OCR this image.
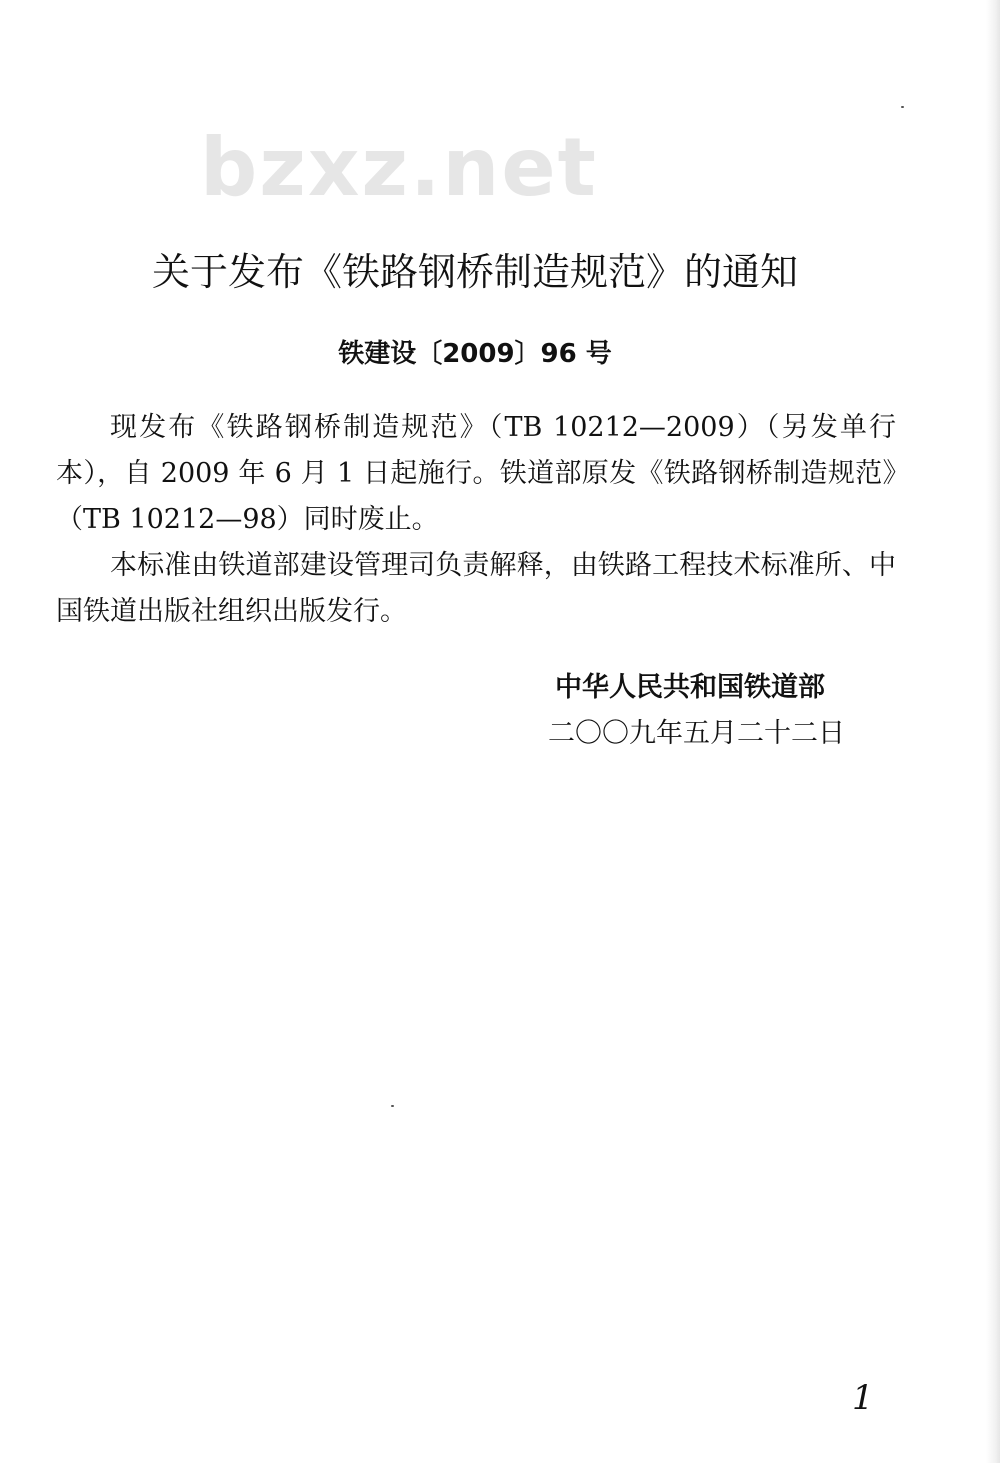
bzxz.net
关于发布《铁路钢桥制造规范》的通知
铁建设〔2009〕96 号

现发布《铁路钢桥制造规范》（TB 10212—2009）（另发单行本），自 2009 年 6 月 1 日起施行。铁道部原发《铁路钢桥制造规范》（TB 10212—98）同时废止。

本标准由铁道部建设管理司负责解释，由铁路工程技术标准所、中国铁道出版社组织出版发行。

中华人民共和国铁道部
二〇〇九年五月二十二日
1
